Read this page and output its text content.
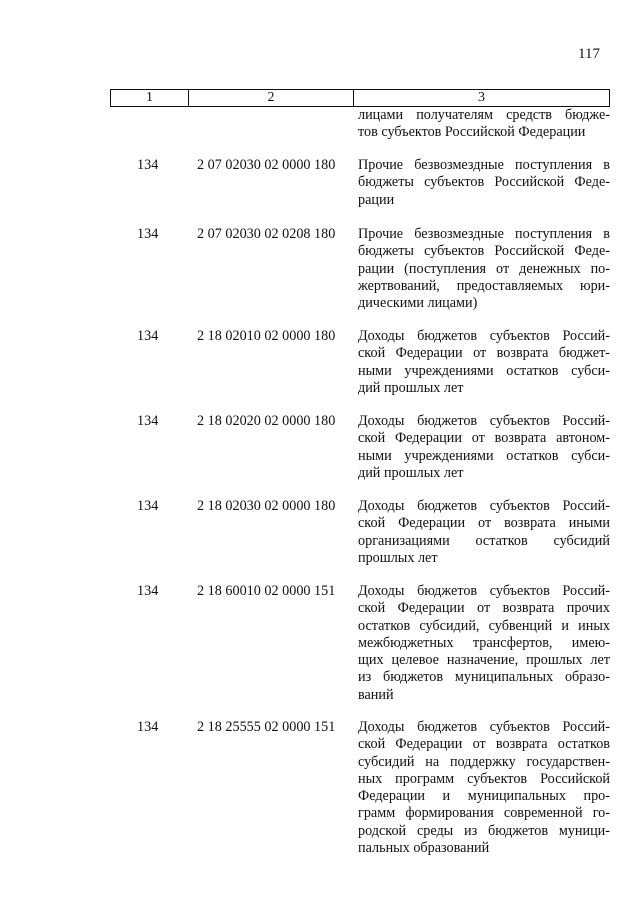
117
1	2	3
лицами получателям средств бюдже-
тов субъектов Российской Федерации
134	2 07 02030 02 0000 180 Прочие безвозмездные поступления в
бюджеты субъектов Российской Феде-
рации
134	2 07 02030 02 0208 180 Прочие безвозмездные поступления в
бюджеты субъектов Российской Феде-
рации (поступления от денежных по-
жертвований, предоставляемых юри-
дическими лицами)
134	2 18 02010 02 0000 180 Доходы бюджетов субъектов Россий-
ской Федерации от возврата бюджет-
ными учреждениями остатков субси-
дий прошлых лет
134	2 18 02020 02 0000 180 Доходы бюджетов субъектов Россий-
ской Федерации от возврата автоном-
ными учреждениями остатков субси-
дий прошлых лет
134	2 18 02030 02 0000 180 Доходы бюджетов субъектов Россий-
ской Федерации от возврата иными
организациями остатков субсидий
прошлых лет
134	2 18 60010 02 0000 151 Доходы бюджетов субъектов Россий-
ской Федерации от возврата прочих
остатков субсидий, субвенций и иных
межбюджетных трансфертов, имею-
щих целевое назначение, прошлых лет
из бюджетов муниципальных образо-
ваний
134	2 18 25555 02 0000 151 Доходы бюджетов субъектов Россий-
ской Федерации от возврата остатков
субсидий на поддержку государствен-
ных программ субъектов Российской
Федерации и муниципальных про-
грамм формирования современной го-
родской среды из бюджетов муници-
пальных образований
